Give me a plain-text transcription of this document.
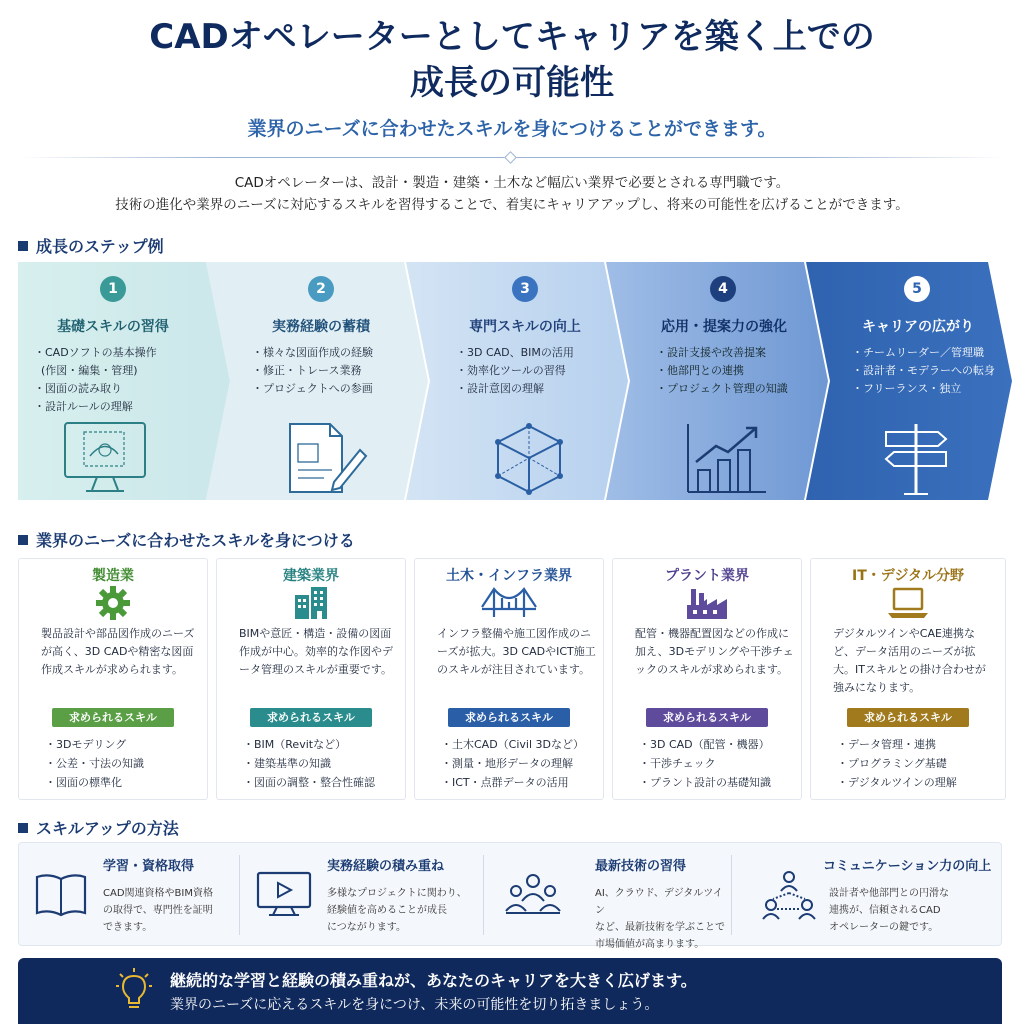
CADオペレーターとしてキャリアを築く上での
成長の可能性
業界のニーズに合わせたスキルを身につけることができます。
CADオペレーターは、設計・製造・建築・土木など幅広い業界で必要とされる専門職です。
技術の進化や業界のニーズに対応するスキルを習得することで、着実にキャリアアップし、将来の可能性を広げることができます。
成長のステップ例
1
基礎スキルの習得
・CADソフトの基本操作
(作図・編集・管理)
・図面の読み取り
・設計ルールの理解
2
実務経験の蓄積
・様々な図面作成の経験
・修正・トレース業務
・プロジェクトへの参画
3
専門スキルの向上
・3D CAD、BIMの活用
・効率化ツールの習得
・設計意図の理解
4
応用・提案力の強化
・設計支援や改善提案
・他部門との連携
・プロジェクト管理の知識
5
キャリアの広がり
・チームリーダー／管理職
・設計者・モデラーへの転身
・フリーランス・独立
業界のニーズに合わせたスキルを身につける
製造業
製品設計や部品図作成のニーズが高く、3D CADや精密な図面作成スキルが求められます。
求められるスキル
・3Dモデリング
・公差・寸法の知識
・図面の標準化
建築業界
BIMや意匠・構造・設備の図面作成が中心。効率的な作図やデータ管理のスキルが重要です。
求められるスキル
・BIM（Revitなど）
・建築基準の知識
・図面の調整・整合性確認
土木・インフラ業界
インフラ整備や施工図作成のニーズが拡大。3D CADやICT施工のスキルが注目されています。
求められるスキル
・土木CAD（Civil 3Dなど）
・測量・地形データの理解
・ICT・点群データの活用
プラント業界
配管・機器配置図などの作成に加え、3Dモデリングや干渉チェックのスキルが求められます。
求められるスキル
・3D CAD（配管・機器）
・干渉チェック
・プラント設計の基礎知識
IT・デジタル分野
デジタルツインやCAE連携など、データ活用のニーズが拡大。ITスキルとの掛け合わせが強みになります。
求められるスキル
・データ管理・連携
・プログラミング基礎
・デジタルツインの理解
スキルアップの方法
学習・資格取得
CAD関連資格やBIM資格
の取得で、専門性を証明
できます。
実務経験の積み重ね
多様なプロジェクトに関わり、
経験値を高めることが成長
につながります。
最新技術の習得
AI、クラウド、デジタルツイン
など、最新技術を学ぶことで
市場価値が高まります。
コミュニケーション力の向上
設計者や他部門との円滑な
連携が、信頼されるCAD
オペレーターの鍵です。
継続的な学習と経験の積み重ねが、あなたのキャリアを大きく広げます。
業界のニーズに応えるスキルを身につけ、未来の可能性を切り拓きましょう。
